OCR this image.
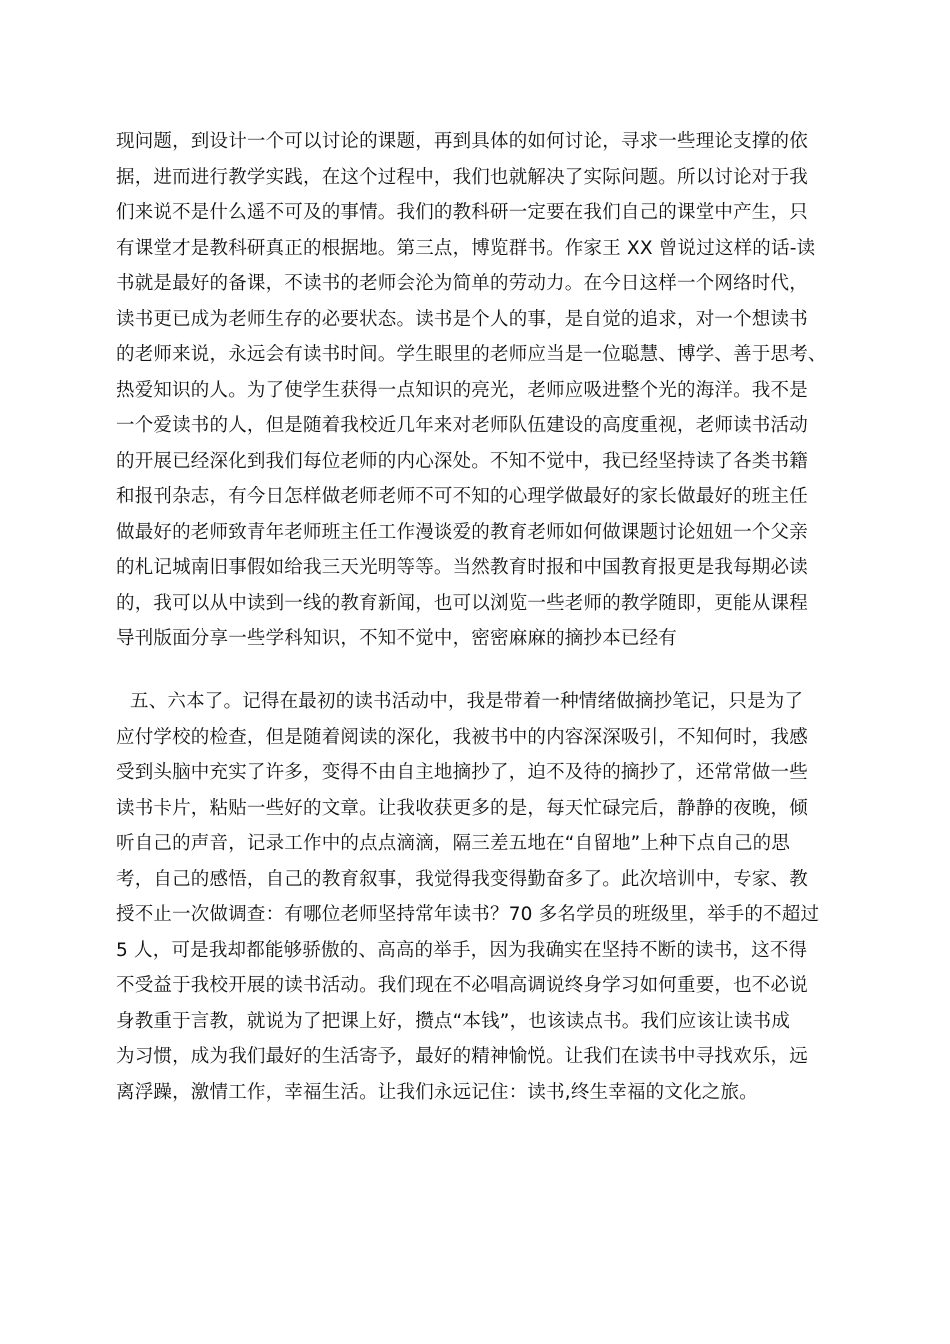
现问题，到设计一个可以讨论的课题，再到具体的如何讨论，寻求一些理论支撑的依
据，进而进行教学实践，在这个过程中，我们也就解决了实际问题。所以讨论对于我
们来说不是什么遥不可及的事情。我们的教科研一定要在我们自己的课堂中产生，只
有课堂才是教科研真正的根据地。第三点，博览群书。作家王 XX 曾说过这样的话-读
书就是最好的备课，不读书的老师会沦为简单的劳动力。在今日这样一个网络时代，
读书更已成为老师生存的必要状态。读书是个人的事，是自觉的追求，对一个想读书
的老师来说，永远会有读书时间。学生眼里的老师应当是一位聪慧、博学、善于思考、
热爱知识的人。为了使学生获得一点知识的亮光，老师应吸进整个光的海洋。我不是
一个爱读书的人，但是随着我校近几年来对老师队伍建设的高度重视，老师读书活动
的开展已经深化到我们每位老师的内心深处。不知不觉中，我已经坚持读了各类书籍
和报刊杂志，有今日怎样做老师老师不可不知的心理学做最好的家长做最好的班主任
做最好的老师致青年老师班主任工作漫谈爱的教育老师如何做课题讨论妞妞一个父亲
的札记城南旧事假如给我三天光明等等。当然教育时报和中国教育报更是我每期必读
的，我可以从中读到一线的教育新闻，也可以浏览一些老师的教学随即，更能从课程
导刊版面分享一些学科知识，不知不觉中，密密麻麻的摘抄本已经有
五、六本了。记得在最初的读书活动中，我是带着一种情绪做摘抄笔记，只是为了
应付学校的检查，但是随着阅读的深化，我被书中的内容深深吸引，不知何时，我感
受到头脑中充实了许多，变得不由自主地摘抄了，迫不及待的摘抄了，还常常做一些
读书卡片，粘贴一些好的文章。让我收获更多的是，每天忙碌完后，静静的夜晚，倾
听自己的声音，记录工作中的点点滴滴，隔三差五地在“自留地”上种下点自己的思
考，自己的感悟，自己的教育叙事，我觉得我变得勤奋多了。此次培训中，专家、教
授不止一次做调查：有哪位老师坚持常年读书？70 多名学员的班级里，举手的不超过
5 人，可是我却都能够骄傲的、高高的举手，因为我确实在坚持不断的读书，这不得
不受益于我校开展的读书活动。我们现在不必唱高调说终身学习如何重要，也不必说
身教重于言教，就说为了把课上好，攒点“本钱”，也该读点书。我们应该让读书成
为习惯，成为我们最好的生活寄予，最好的精神愉悦。让我们在读书中寻找欢乐，远
离浮躁，激情工作，幸福生活。让我们永远记住：读书,终生幸福的文化之旅。
